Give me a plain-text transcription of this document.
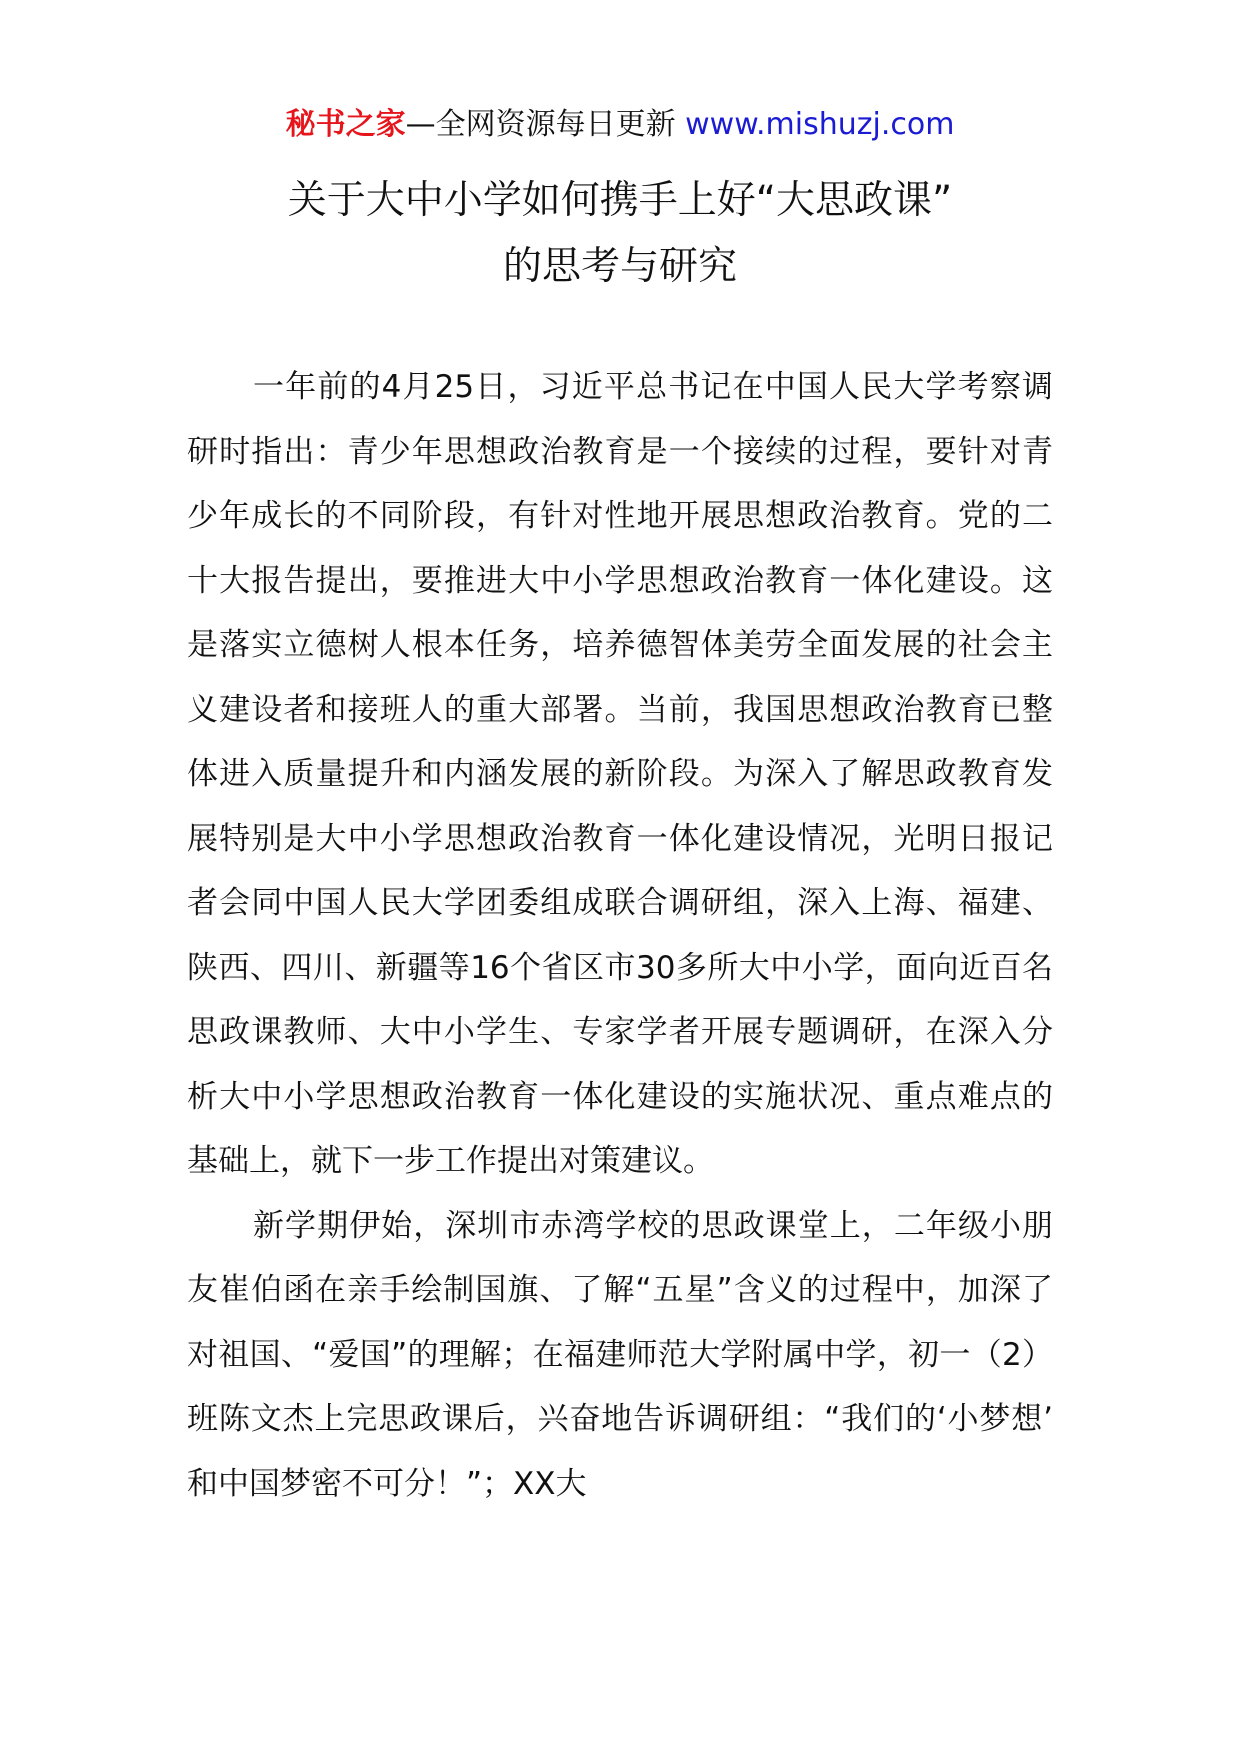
秘书之家—全网资源每日更新 www.mishuzj.com
关于大中小学如何携手上好“大思政课”
的思考与研究

一年前的4月25日，习近平总书记在中国人民大学考察调研时指出：青少年思想政治教育是一个接续的过程，要针对青少年成长的不同阶段，有针对性地开展思想政治教育。党的二十大报告提出，要推进大中小学思想政治教育一体化建设。这是落实立德树人根本任务，培养德智体美劳全面发展的社会主义建设者和接班人的重大部署。当前，我国思想政治教育已整体进入质量提升和内涵发展的新阶段。为深入了解思政教育发展特别是大中小学思想政治教育一体化建设情况，光明日报记者会同中国人民大学团委组成联合调研组，深入上海、福建、陕西、四川、新疆等16个省区市30多所大中小学，面向近百名思政课教师、大中小学生、专家学者开展专题调研，在深入分析大中小学思想政治教育一体化建设的实施状况、重点难点的基础上，就下一步工作提出对策建议。

新学期伊始，深圳市赤湾学校的思政课堂上，二年级小朋友崔伯函在亲手绘制国旗、了解“五星”含义的过程中，加深了对祖国、“爱国”的理解；在福建师范大学附属中学，初一（2）班陈文杰上完思政课后，兴奋地告诉调研组：“我们的‘小梦想’和中国梦密不可分！”；XX大
